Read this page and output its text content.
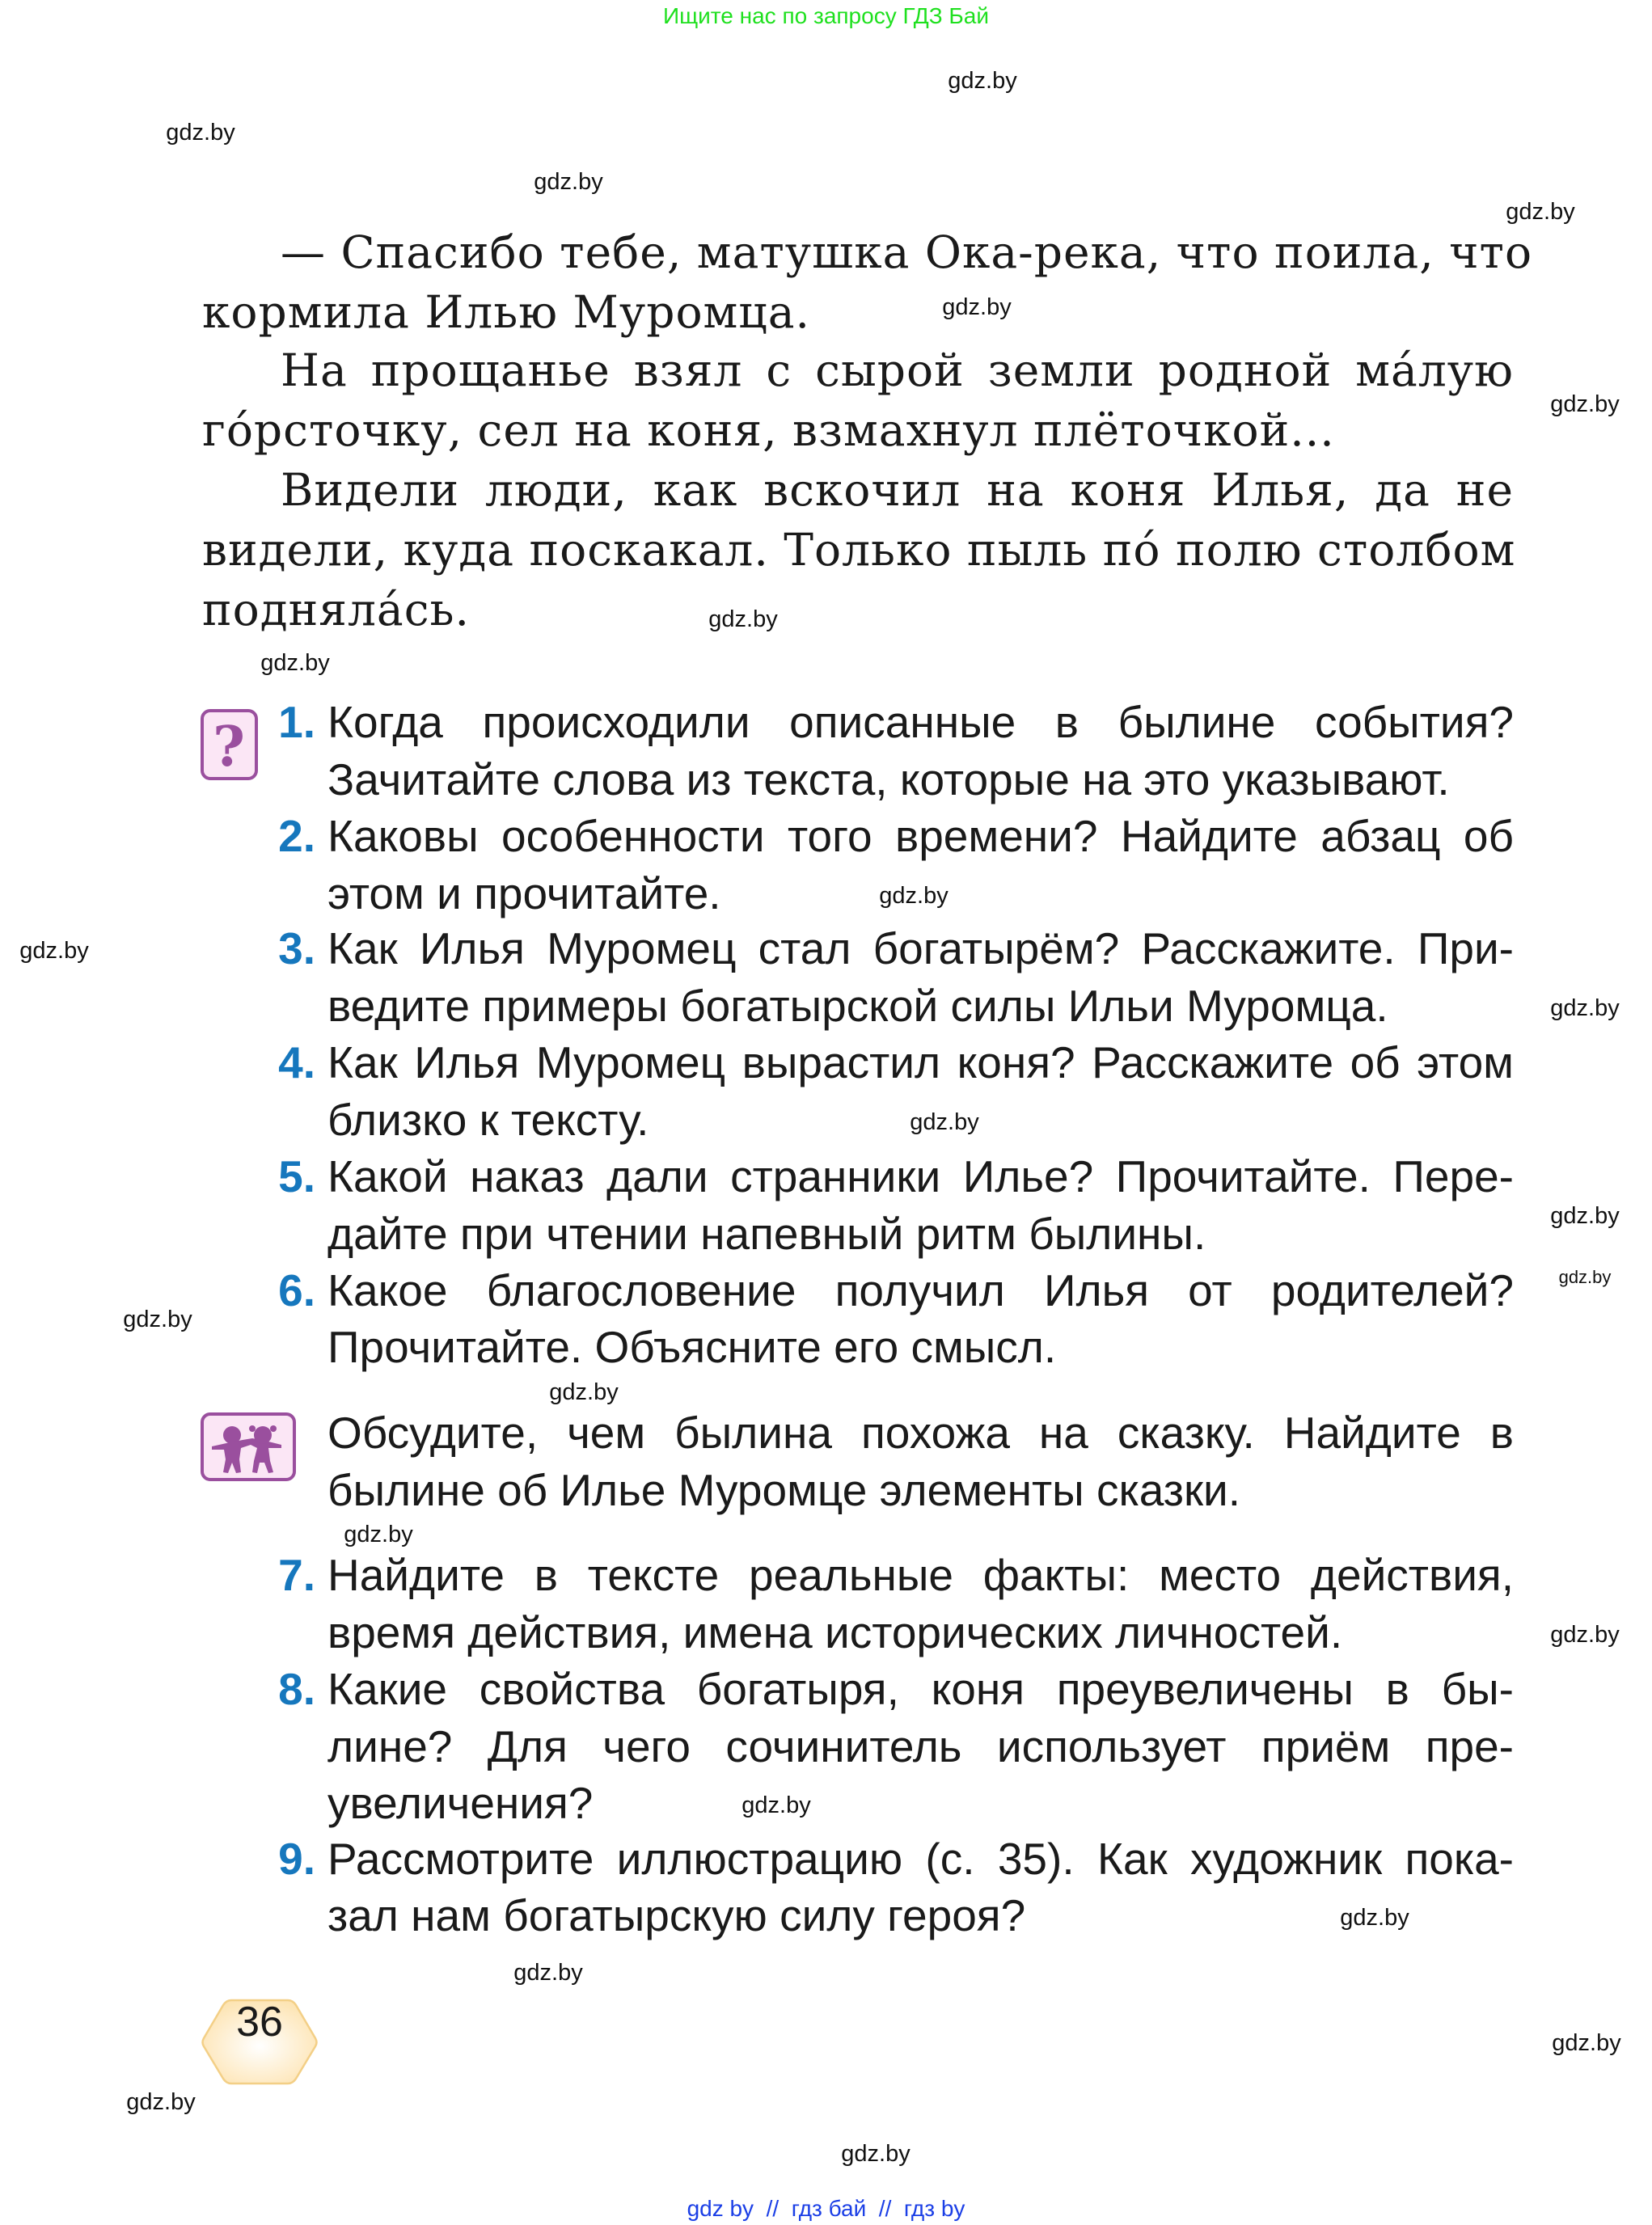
Ищите нас по запросу ГДЗ Бай
— Спасибо тебе, матушка Ока-река, что поила, что
кормила Илью Муромца.
На прощанье взял с сырой земли родной ма́лую
го́рсточку, сел на коня, взмахнул плёточкой...
Видели люди, как вскочил на коня Илья, да не
видели, куда поскакал. Только пыль по́ полю столбом
подняла́сь.
? 1. Когда происходили описанные в былине события?
Зачитайте слова из текста, которые на это указывают.
2. Каковы особенности того времени? Найдите абзац об
этом и прочитайте.
3. Как Илья Муромец стал богатырём? Расскажите. При-
ведите примеры богатырской силы Ильи Муромца.
4. Как Илья Муромец вырастил коня? Расскажите об этом
близко к тексту.
5. Какой наказ дали странники Илье? Прочитайте. Пере-
дайте при чтении напевный ритм былины.
6. Какое благословение получил Илья от родителей?
Прочитайте. Объясните его смысл.
Обсудите, чем былина похожа на сказку. Найдите в
былине об Илье Муромце элементы сказки.
7. Найдите в тексте реальные факты: место действия,
время действия, имена исторических личностей.
8. Какие свойства богатыря, коня преувеличены в бы-
лине? Для чего сочинитель использует приём пре-
увеличения?
9. Рассмотрите иллюстрацию (с. 35). Как художник пока-
зал нам богатырскую силу героя?
36
gdz.by
gdz.by
gdz.by
gdz.by
gdz.by
gdz.by
gdz.by
gdz.by
gdz.by
gdz.by
gdz.by
gdz.by
gdz.by
gdz.by
gdz.by
gdz.by
gdz.by
gdz.by
gdz.by
gdz.by
gdz.by
gdz.by
gdz.by
gdz.by
gdz by  //  гдз бай  //  гдз by
